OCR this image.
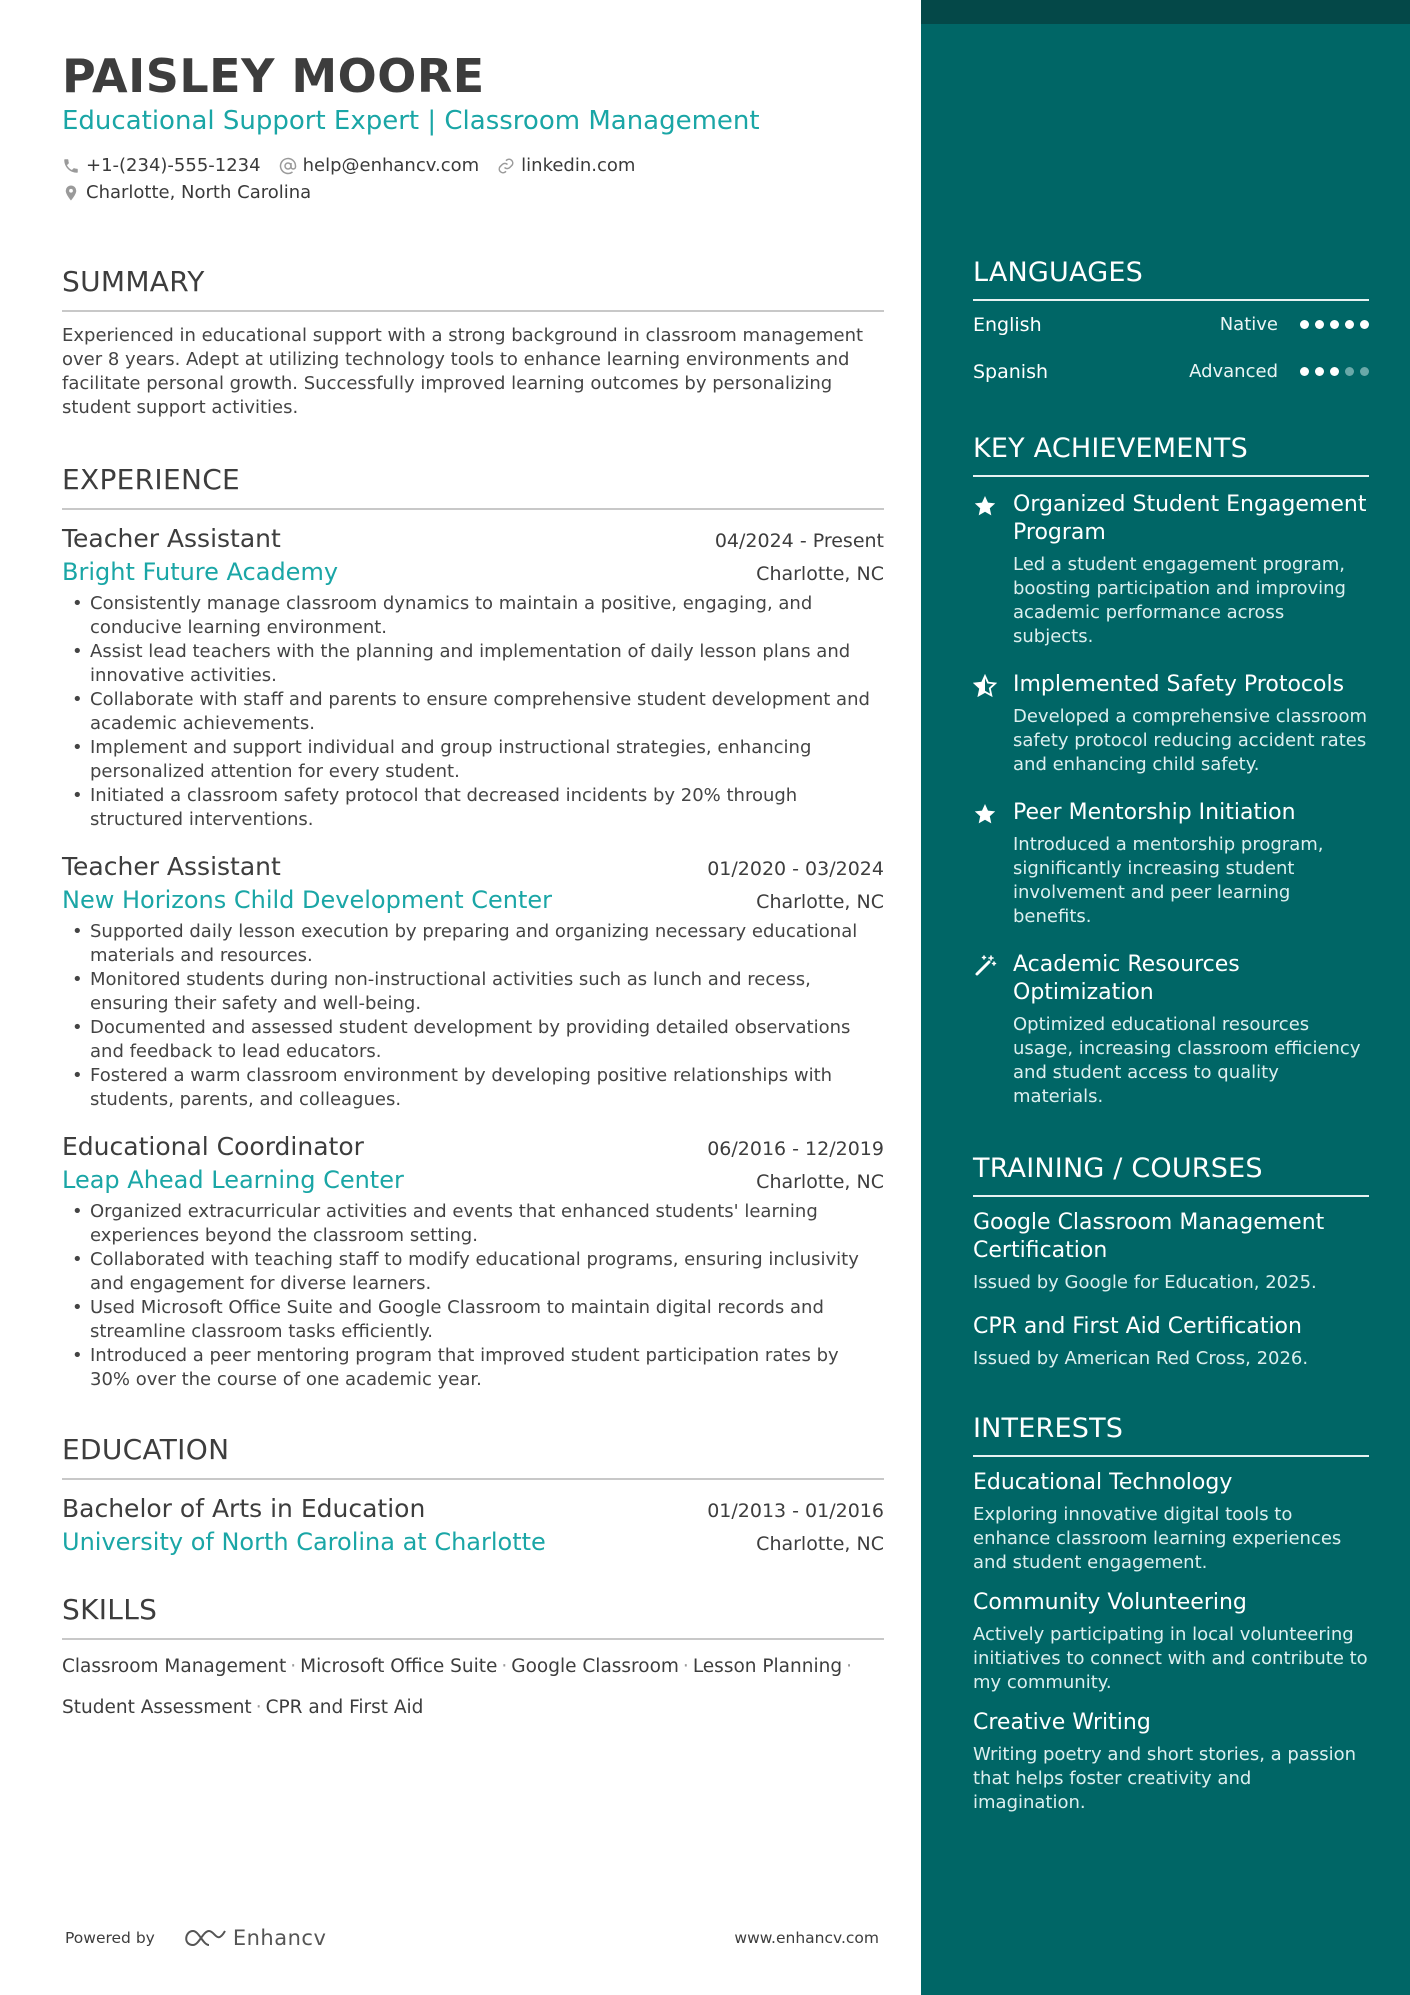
PAISLEY MOORE
Educational Support Expert | Classroom Management
+1-(234)-555-1234 help@enhancv.com linkedin.com
Charlotte, North Carolina
SUMMARY

Experienced in educational support with a strong background in classroom management over 8 years. Adept at utilizing technology tools to enhance learning environments and facilitate personal growth. Successfully improved learning outcomes by personalizing student support activities.

EXPERIENCE
Teacher Assistant	04/2024 - Present
Bright Future Academy	Charlotte, NC
• Consistently manage classroom dynamics to maintain a positive, engaging, and conducive learning environment.
• Assist lead teachers with the planning and implementation of daily lesson plans and innovative activities.
• Collaborate with staff and parents to ensure comprehensive student development and academic achievements.
• Implement and support individual and group instructional strategies, enhancing personalized attention for every student.
• Initiated a classroom safety protocol that decreased incidents by 20% through structured interventions.
Teacher Assistant	01/2020 - 03/2024
New Horizons Child Development Center	Charlotte, NC
• Supported daily lesson execution by preparing and organizing necessary educational materials and resources.
• Monitored students during non-instructional activities such as lunch and recess, ensuring their safety and well-being.
• Documented and assessed student development by providing detailed observations and feedback to lead educators.
• Fostered a warm classroom environment by developing positive relationships with students, parents, and colleagues.
Educational Coordinator	06/2016 - 12/2019
Leap Ahead Learning Center	Charlotte, NC
• Organized extracurricular activities and events that enhanced students' learning experiences beyond the classroom setting.
• Collaborated with teaching staff to modify educational programs, ensuring inclusivity and engagement for diverse learners.
• Used Microsoft Office Suite and Google Classroom to maintain digital records and streamline classroom tasks efficiently.
• Introduced a peer mentoring program that improved student participation rates by 30% over the course of one academic year.
EDUCATION
Bachelor of Arts in Education	01/2013 - 01/2016
University of North Carolina at Charlotte	Charlotte, NC
SKILLS
Classroom Management · Microsoft Office Suite · Google Classroom · Lesson Planning ·
Student Assessment · CPR and First Aid
Powered by	Enhancv	www.enhancv.com
LANGUAGES
English	Native
Spanish	Advanced
KEY ACHIEVEMENTS
Organized Student Engagement Program
Led a student engagement program, boosting participation and improving academic performance across subjects.
Implemented Safety Protocols
Developed a comprehensive classroom safety protocol reducing accident rates and enhancing child safety.
Peer Mentorship Initiation
Introduced a mentorship program, significantly increasing student involvement and peer learning benefits.
Academic Resources Optimization
Optimized educational resources usage, increasing classroom efficiency and student access to quality materials.
TRAINING / COURSES
Google Classroom Management Certification
Issued by Google for Education, 2025.
CPR and First Aid Certification
Issued by American Red Cross, 2026.
INTERESTS
Educational Technology
Exploring innovative digital tools to enhance classroom learning experiences and student engagement.
Community Volunteering
Actively participating in local volunteering initiatives to connect with and contribute to my community.
Creative Writing
Writing poetry and short stories, a passion that helps foster creativity and imagination.
